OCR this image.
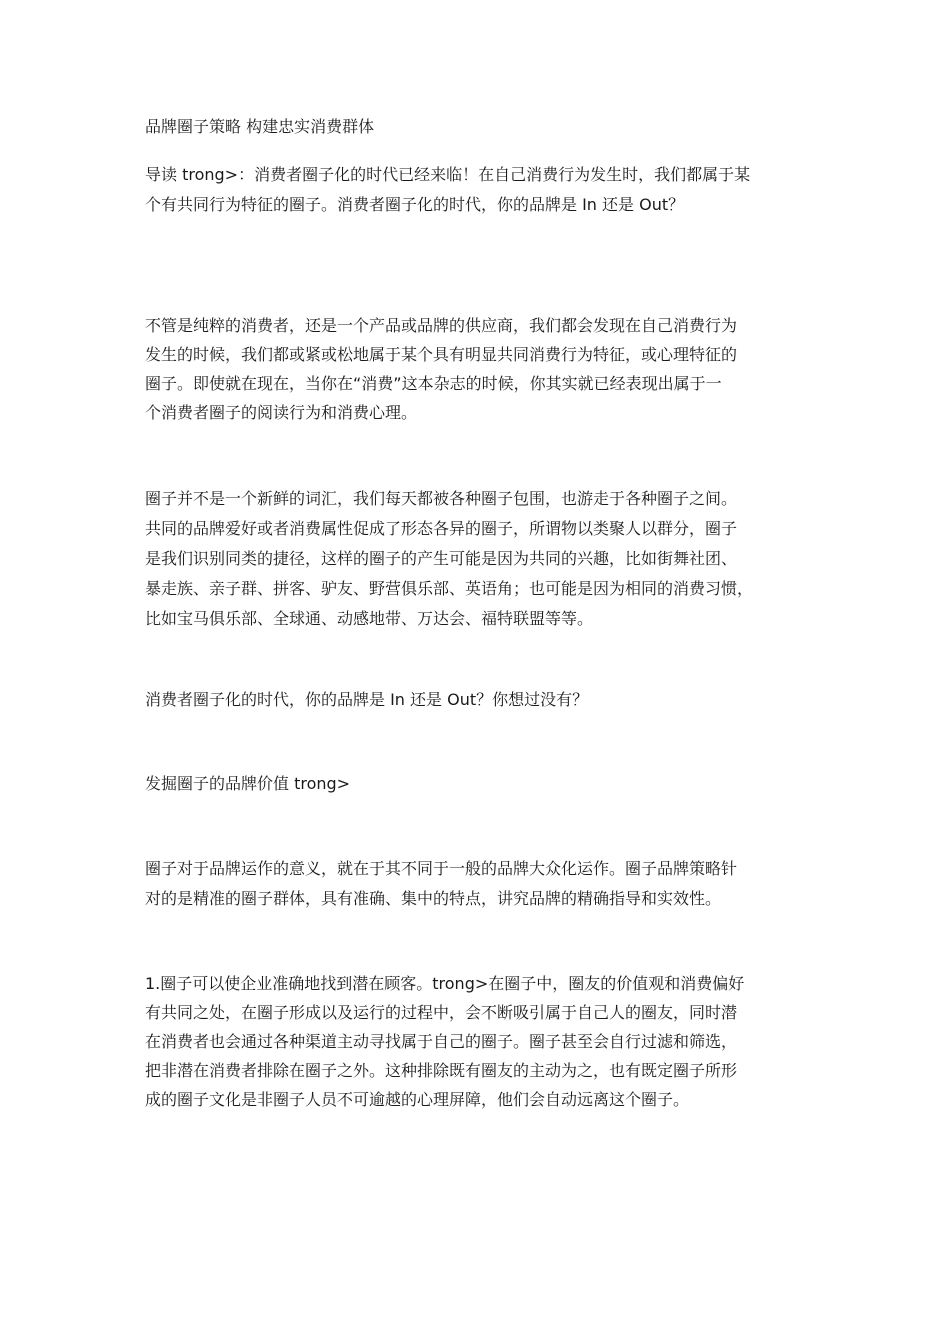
品牌圈子策略 构建忠实消费群体

导读 trong>：消费者圈子化的时代已经来临！在自己消费行为发生时，我们都属于某
个有共同行为特征的圈子。消费者圈子化的时代，你的品牌是 In 还是 Out？

不管是纯粹的消费者，还是一个产品或品牌的供应商，我们都会发现在自己消费行为
发生的时候，我们都或紧或松地属于某个具有明显共同消费行为特征，或心理特征的
圈子。即使就在现在，当你在“消费”这本杂志的时候，你其实就已经表现出属于一
个消费者圈子的阅读行为和消费心理。

圈子并不是一个新鲜的词汇，我们每天都被各种圈子包围，也游走于各种圈子之间。
共同的品牌爱好或者消费属性促成了形态各异的圈子，所谓物以类聚人以群分，圈子
是我们识别同类的捷径，这样的圈子的产生可能是因为共同的兴趣，比如街舞社团、
暴走族、亲子群、拼客、驴友、野营俱乐部、英语角；也可能是因为相同的消费习惯，
比如宝马俱乐部、全球通、动感地带、万达会、福特联盟等等。

消费者圈子化的时代，你的品牌是 In 还是 Out？你想过没有？

发掘圈子的品牌价值 trong>

圈子对于品牌运作的意义，就在于其不同于一般的品牌大众化运作。圈子品牌策略针
对的是精准的圈子群体，具有准确、集中的特点，讲究品牌的精确指导和实效性。

1.圈子可以使企业准确地找到潜在顾客。trong>在圈子中，圈友的价值观和消费偏好
有共同之处，在圈子形成以及运行的过程中，会不断吸引属于自己人的圈友，同时潜
在消费者也会通过各种渠道主动寻找属于自己的圈子。圈子甚至会自行过滤和筛选，
把非潜在消费者排除在圈子之外。这种排除既有圈友的主动为之，也有既定圈子所形
成的圈子文化是非圈子人员不可逾越的心理屏障，他们会自动远离这个圈子。
